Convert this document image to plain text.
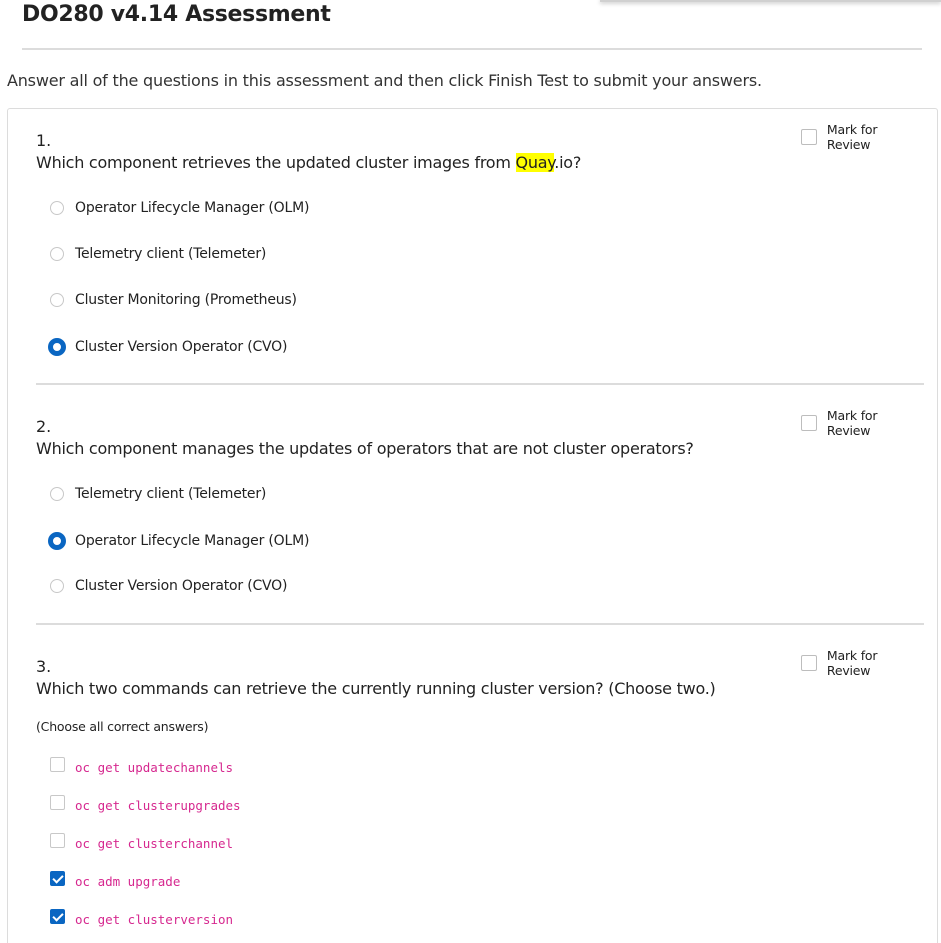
DO280 v4.14 Assessment
Answer all of the questions in this assessment and then click Finish Test to submit your answers.
1.
Which component retrieves the updated cluster images from Quay.io?
Mark for Review
Operator Lifecycle Manager (OLM)
Telemetry client (Telemeter)
Cluster Monitoring (Prometheus)
Cluster Version Operator (CVO)
2.
Which component manages the updates of operators that are not cluster operators?
Mark for Review
Telemetry client (Telemeter)
Operator Lifecycle Manager (OLM)
Cluster Version Operator (CVO)
3.
Which two commands can retrieve the currently running cluster version? (Choose two.)
Mark for Review
(Choose all correct answers)
oc get updatechannels
oc get clusterupgrades
oc get clusterchannel
oc adm upgrade
oc get clusterversion
